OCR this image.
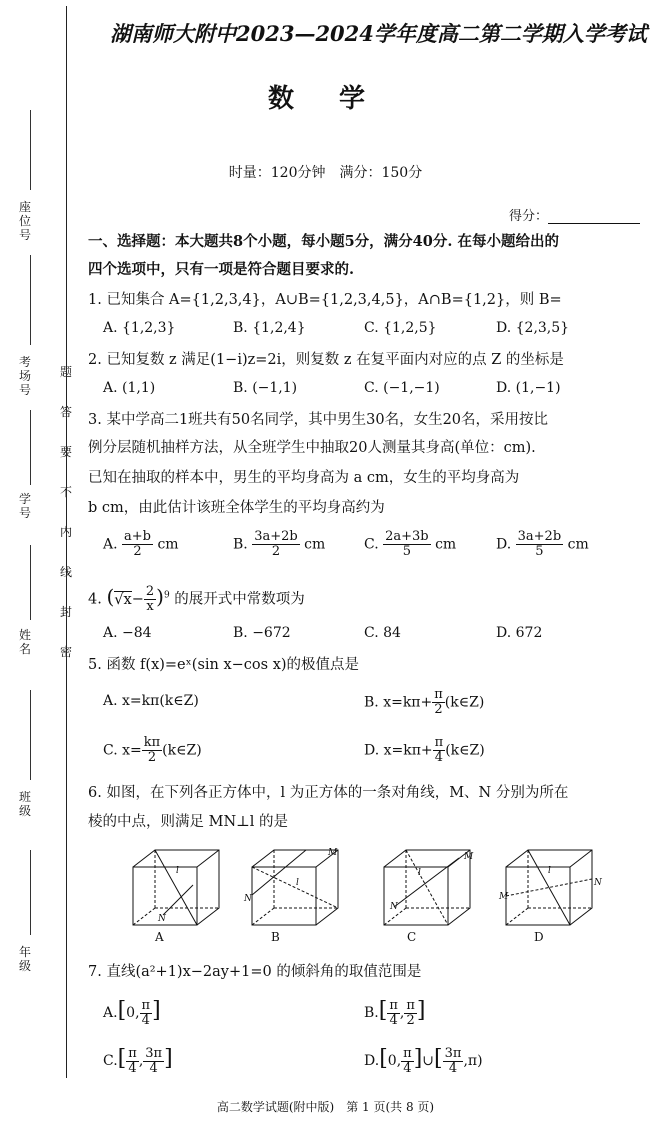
座位号
考场号
学号
姓名
班级
年级
题
答
要
不
内
线
封
密
湖南师大附中2023—2024学年度高二第二学期入学考试
数 学
时量：120分钟　满分：150分
得分：
一、选择题：本大题共8个小题，每小题5分，满分40分. 在每小题给出的
四个选项中，只有一项是符合题目要求的.
1. 已知集合 A={1,2,3,4}，A∪B={1,2,3,4,5}，A∩B={1,2}，则 B=
A. {1,2,3}	B. {1,2,4}	C. {1,2,5}	D. {2,3,5}
2. 已知复数 z 满足(1−i)z=2i，则复数 z 在复平面内对应的点 Z 的坐标是
A. (1,1)	B. (−1,1)	C. (−1,−1)	D. (1,−1)
3. 某中学高二1班共有50名同学，其中男生30名，女生20名，采用按比
例分层随机抽样方法，从全班学生中抽取20人测量其身高(单位：cm).
已知在抽取的样本中，男生的平均身高为 a cm，女生的平均身高为
b cm，由此估计该班全体学生的平均身高约为
A. $\frac{a+b}{2}$ cm	B. $\frac{3a+2b}{2}$ cm	C. $\frac{2a+3b}{5}$ cm	D. $\frac{3a+2b}{5}$ cm
4. $(√x- \frac{2}{x} )^9$ 的展开式中常数项为
A. −84	B. −672	C. 84	D. 672
5. 函数 f(x)=eˣ(sin x−cos x)的极值点是
A. x=kπ(k∈Z)	B. $x=k\pi+ \frac{\pi}{2}$ (k∈Z)
C. $x= \frac{k\pi}{2}$ (k∈Z)	D. $x=k\pi+ \frac{\pi}{4}$ (k∈Z)
6. 如图，在下列各正方体中，l 为正方体的一条对角线，M、N 分别为所在
棱的中点，则满足 MN⊥l 的是
l
N
M
l
N
l
N
M
l
M
N
A	B	C	D
7. 直线(a²+1)x−2ay+1=0 的倾斜角的取值范围是
A.[0, $\frac{\pi}{4}$ ]	$B.[ \frac{\pi}{4}$ , $\frac{\pi}{2}$ ]
$C.[ \frac{\pi}{4}$ , $\frac{3\pi}{4}$ ]	D.[0, $\frac{\pi}{4}$ ]∪[ $\frac{3\pi}{4} ,\pi$)
高二数学试题(附中版)　第 1 页(共 8 页)
